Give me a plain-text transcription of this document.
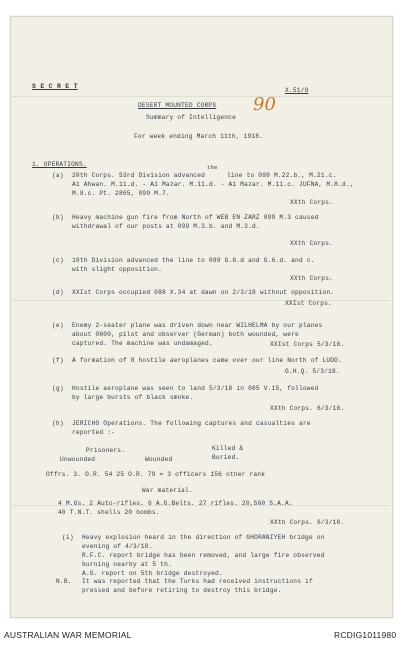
S E C R E T
X.51/9
DESERT MOUNTED CORPS 90
Summary of Intelligence
For week ending March 11th, 1918.
1. OPERATIONS.
(a)
the
20th Corps. 53rd Division advanced	line to 099 M.22.b., M.21.c.
A1 Ahwan. M.11.d. - A1 Mazar. M.11.d. - A1 Mazar. M.11.c. JUFNA, M.8.d.,
M.8.c. Pt. 2865, 099 M.7.
XXth Corps.
(b) Heavy machine gun fire from North of WEB EN ZARZ 099 M.3 caused
withdrawal of our posts at 099 M.3.b. and M.3.d.
XXth Corps.
(c) 10th Division advanced the line to 099 G.8.d and G.6.d. and c.
with slight opposition.
XXth Corps.
(d) XXIst Corps occupied 088 X.34 at dawn on 2/3/18 without opposition.
XXIst Corps.
(e) Enemy 2-seater plane was driven down near WILHELMA by our planes
about 0800, pilot and observer (German) both wounded, were
captured. The machine was undamaged.	XXIst Corps 5/3/18.
(f) A formation of 8 hostile aeroplanes came over our line North of LUDD.
G.H.Q. 5/3/18.
(g) Hostile aeroplane was seen to land 5/3/18 in 085 V.15, followed
by large bursts of black smoke.
XXth Corps. 6/3/18.
(h) JERICHO Operations. The following captures and casualties are
reported :-
Prisoners.	Killed &
Unwounded	Wounded	Buried.
Offrs. 3. O.R. 54 25 O.R. 79 = 3 officers 156 other rank
War material.
4 M.Gs. 2 Auto-rifles. 6 A.G.Belts. 27 rifles. 20,500 S.A.A.
40 T.N.T. shells 20 bombs.
XXth Corps. 6/3/18.
(i) Heavy explosion heard in the direction of GHORANIYEH bridge on
evening of 4/3/18.
R.F.C. report bridge has been removed, and large fire observed
burning nearby at 5 th.
A.G. report on 5th bridge destroyed.
N.B. It was reported that the Turks had received instructions if
pressed and before retiring to destroy this bridge.
AUSTRALIAN WAR MEMORIAL	RCDIG1011980
